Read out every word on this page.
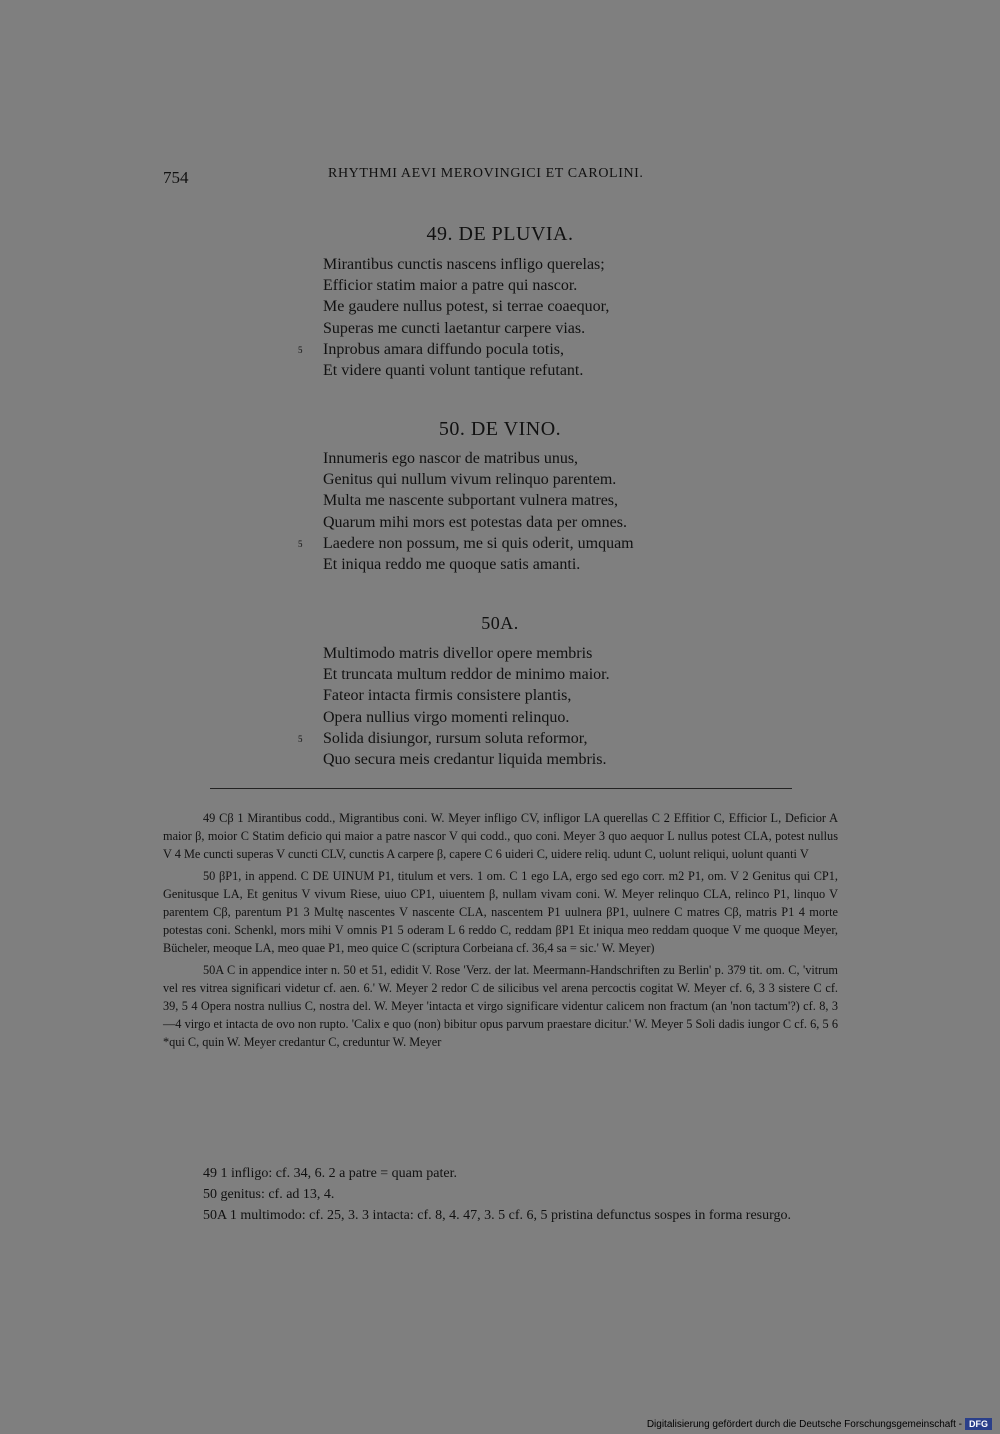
754	RHYTHMI AEVI MEROVINGICI ET CAROLINI.
49. DE PLUVIA.
Mirantibus cunctis nascens infligo querelas;
Efficior statim maior a patre qui nascor.
Me gaudere nullus potest, si terrae coaequor,
Superas me cuncti laetantur carpere vias.
5 Inprobus amara diffundo pocula totis,
Et videre quanti volunt tantique refutant.
50. DE VINO.
Innumeris ego nascor de matribus unus,
Genitus qui nullum vivum relinquo parentem.
Multa me nascente subportant vulnera matres,
Quarum mihi mors est potestas data per omnes.
5 Laedere non possum, me si quis oderit, umquam
Et iniqua reddo me quoque satis amanti.
50A.
Multimodo matris divellor opere membris
Et truncata multum reddor de minimo maior.
Fateor intacta firmis consistere plantis,
Opera nullius virgo momenti relinquo.
5 Solida disiungor, rursum soluta reformor,
Quo secura meis credantur liquida membris.

49 Cβ 1 Mirantibus codd., Migrantibus coni. W. Meyer infligo CV, infligor LA querellas C 2 Effitior C, Efficior L, Deficior A maior β, moior C Statim deficio qui maior a patre nascor V qui codd., quo coni. Meyer 3 quo aequor L nullus potest CLA, potest nullus V 4 Me cuncti superas V cuncti CLV, cunctis A carpere β, capere C 6 uideri C, uidere reliq. udunt C, uolunt reliqui, uolunt quanti V

50 βP1, in append. C DE UINUM P1, titulum et vers. 1 om. C 1 ego LA, ergo sed ego corr. m2 P1, om. V 2 Genitus qui CP1, Genitusque LA, Et genitus V vivum Riese, uiuo CP1, uiuentem β, nullam vivam coni. W. Meyer relinquo CLA, relinco P1, linquo V parentem Cβ, parentum P1 3 Multę nascentes V nascente CLA, nascentem P1 uulnera βP1, uulnere C matres Cβ, matris P1 4 morte potestas coni. Schenkl, mors mihi V omnis P1 5 oderam L 6 reddo C, reddam βP1 Et iniqua meo reddam quoque V me quoque Meyer, Bücheler, meoque LA, meo quae P1, meo quice C (scriptura Corbeiana cf. 36,4 sa = sic.' W. Meyer)

50A C in appendice inter n. 50 et 51, edidit V. Rose 'Verz. der lat. Meermann-Handschriften zu Berlin' p. 379 tit. om. C, 'vitrum vel res vitrea significari videtur cf. aen. 6.' W. Meyer 2 redor C de silicibus vel arena percoctis cogitat W. Meyer cf. 6, 3 3 sistere C cf. 39, 5 4 Opera nostra nullius C, nostra del. W. Meyer 'intacta et virgo significare videntur calicem non fractum (an 'non tactum'?) cf. 8, 3—4 virgo et intacta de ovo non rupto. 'Calix e quo (non) bibitur opus parvum praestare dicitur.' W. Meyer 5 Soli dadis iungor C cf. 6, 5 6 *qui C, quin W. Meyer credantur C, creduntur W. Meyer

49 1 infligo: cf. 34, 6. 2 a patre = quam pater.

50 genitus: cf. ad 13, 4.

50A 1 multimodo: cf. 25, 3. 3 intacta: cf. 8, 4. 47, 3. 5 cf. 6, 5 pristina defunctus sospes in forma resurgo.

Digitalisierung gefördert durch die Deutsche Forschungsgemeinschaft - DFG
